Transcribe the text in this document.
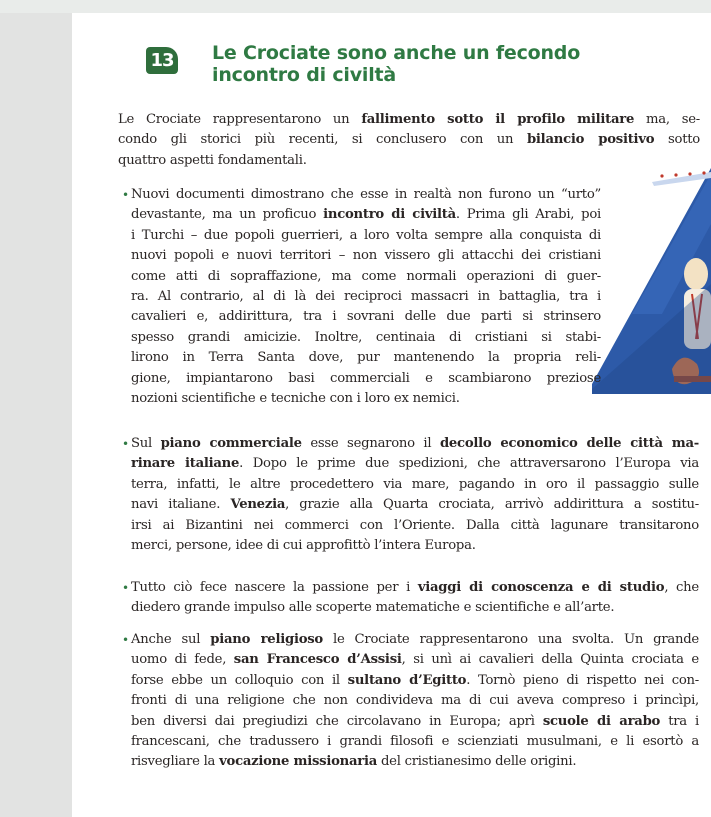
13 Le Crociate sono anche un fecondo
incontro di civiltà

Le Crociate rappresentarono un fallimento sotto il profilo militare ma, se-
condo gli storici più recenti, si conclusero con un bilancio positivo sotto
quattro aspetti fondamentali.

• Nuovi documenti dimostrano che esse in realtà non furono un “urto”
devastante, ma un proficuo incontro di civiltà. Prima gli Arabi, poi
i Turchi – due popoli guerrieri, a loro volta sempre alla conquista di
nuovi popoli e nuovi territori – non vissero gli attacchi dei cristiani
come atti di sopraffazione, ma come normali operazioni di guer-
ra. Al contrario, al di là dei reciproci massacri in battaglia, tra i
cavalieri e, addirittura, tra i sovrani delle due parti si strinsero
spesso grandi amicizie. Inoltre, centinaia di cristiani si stabi-
lirono in Terra Santa dove, pur mantenendo la propria reli-
gione, impiantarono basi commerciali e scambiarono preziose
nozioni scientifiche e tecniche con i loro ex nemici.
• Sul piano commerciale esse segnarono il decollo economico delle città ma-
rinare italiane. Dopo le prime due spedizioni, che attraversarono l’Europa via
terra, infatti, le altre procedettero via mare, pagando in oro il passaggio sulle
navi italiane. Venezia, grazie alla Quarta crociata, arrivò addirittura a sostitu-
irsi ai Bizantini nei commerci con l’Oriente. Dalla città lagunare transitarono
merci, persone, idee di cui approfittò l’intera Europa.
• Tutto ciò fece nascere la passione per i viaggi di conoscenza e di studio, che
diedero grande impulso alle scoperte matematiche e scientifiche e all’arte.
• Anche sul piano religioso le Crociate rappresentarono una svolta. Un grande
uomo di fede, san Francesco d’Assisi, si unì ai cavalieri della Quinta crociata e
forse ebbe un colloquio con il sultano d’Egitto. Tornò pieno di rispetto nei con-
fronti di una religione che non condivideva ma di cui aveva compreso i princìpi,
ben diversi dai pregiudizi che circolavano in Europa; aprì scuole di arabo tra i
francescani, che tradussero i grandi filosofi e scienziati musulmani, e li esortò a
risvegliare la vocazione missionaria del cristianesimo delle origini.
